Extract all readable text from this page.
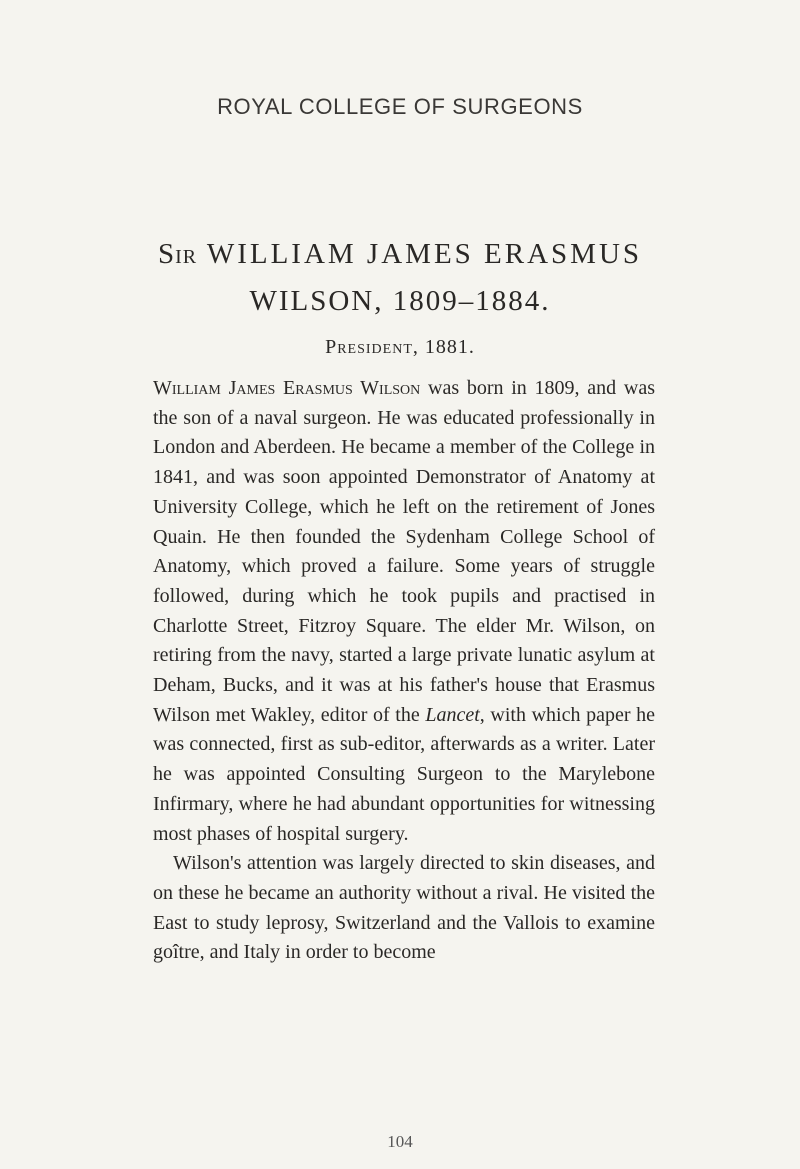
ROYAL COLLEGE OF SURGEONS
Sir WILLIAM JAMES ERASMUS
WILSON, 1809–1884.
President, 1881.

William James Erasmus Wilson was born in 1809, and was the son of a naval surgeon. He was educated professionally in London and Aberdeen. He became a member of the College in 1841, and was soon appointed Demonstrator of Anatomy at University College, which he left on the retirement of Jones Quain. He then founded the Sydenham College School of Anatomy, which proved a failure. Some years of struggle followed, during which he took pupils and practised in Charlotte Street, Fitzroy Square. The elder Mr. Wilson, on retiring from the navy, started a large private lunatic asylum at Deham, Bucks, and it was at his father's house that Erasmus Wilson met Wakley, editor of the Lancet, with which paper he was connected, first as sub-editor, afterwards as a writer. Later he was appointed Consulting Surgeon to the Marylebone Infirmary, where he had abundant opportunities for witnessing most phases of hospital surgery.

Wilson's attention was largely directed to skin diseases, and on these he became an authority without a rival. He visited the East to study leprosy, Switzerland and the Vallois to examine goître, and Italy in order to become

104
